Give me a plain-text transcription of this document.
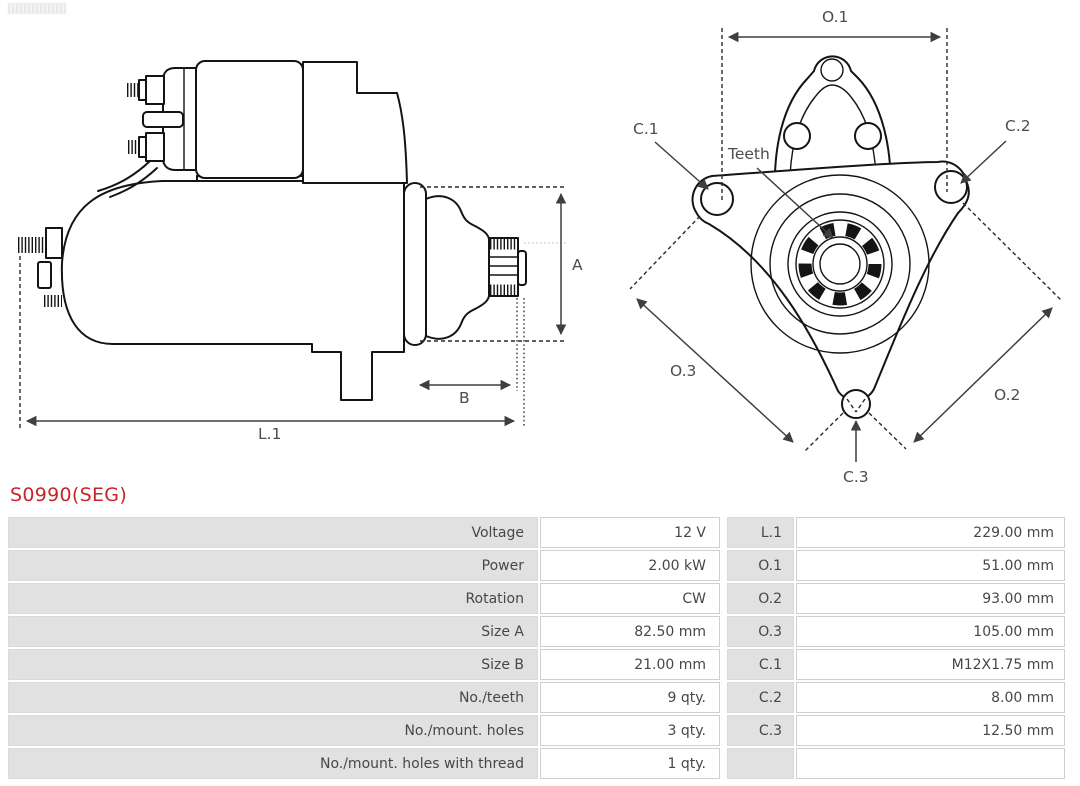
A
B
L.1
O.1
C.1	C.2
Teeth
O.3
O.2
C.3
S0990(SEG)
Voltage	12 V	L.1	229.00 mm
Power	2.00 kW	O.1	51.00 mm
Rotation	CW	O.2	93.00 mm
Size A	82.50 mm	O.3	105.00 mm
Size B	21.00 mm	C.1	M12X1.75 mm
No./teeth	9 qty.	C.2	8.00 mm
No./mount. holes	3 qty.	C.3	12.50 mm
No./mount. holes with thread	1 qty.
